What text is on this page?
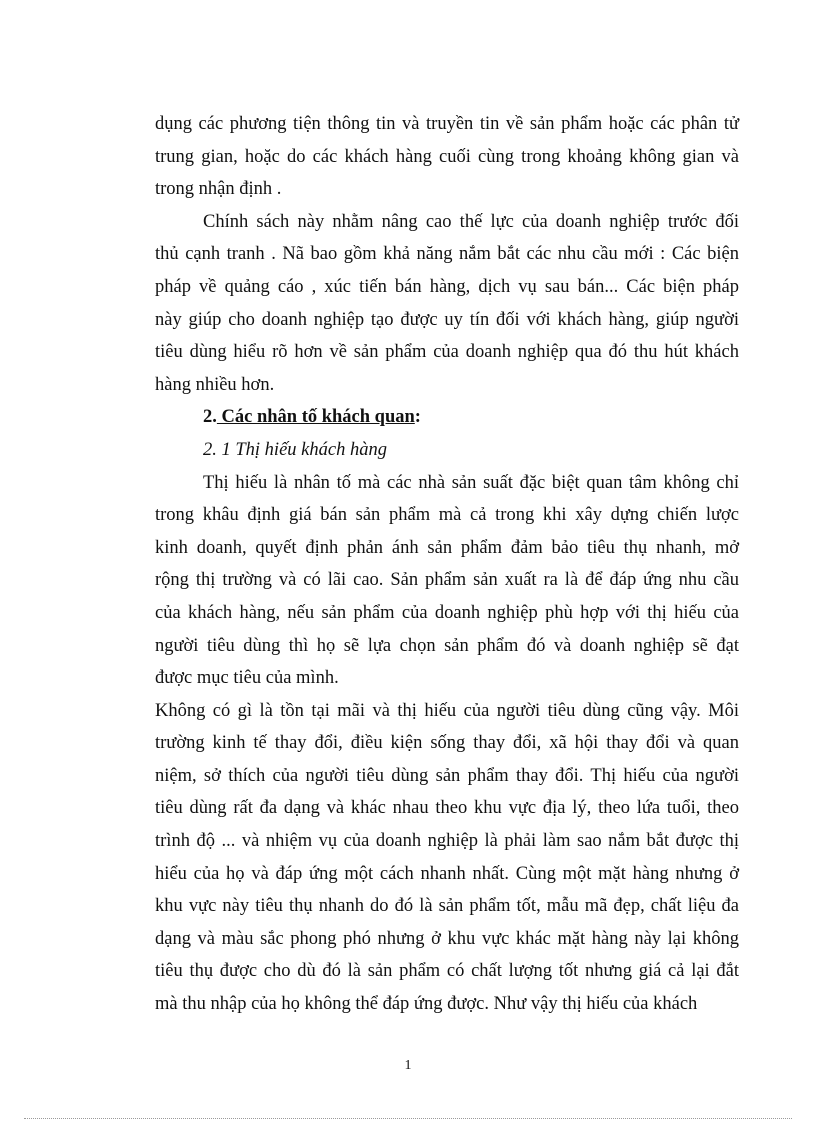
dụng các phương tiện thông tin và truyền tin về sản phẩm hoặc các phân tử
trung gian, hoặc do các khách hàng cuối cùng trong khoảng không gian và
trong nhận định .
Chính sách này nhằm nâng cao thế lực của doanh nghiệp trước đối
thủ cạnh tranh . Nã bao gồm khả năng nắm bắt các nhu cầu mới : Các biện
pháp về quảng cáo , xúc tiến bán hàng, dịch vụ sau bán... Các biện pháp
này giúp cho doanh nghiệp tạo được uy tín đối với khách hàng, giúp người
tiêu dùng hiểu rõ hơn về sản phẩm của doanh nghiệp qua đó thu hút khách
hàng nhiều hơn.
2. Các nhân tố khách quan:
2. 1 Thị hiếu khách hàng
Thị hiếu là nhân tố mà các nhà sản suất đặc biệt quan tâm không chỉ
trong khâu định giá bán sản phẩm mà cả trong khi xây dựng chiến lược
kinh doanh, quyết định phản ánh sản phẩm đảm bảo tiêu thụ nhanh, mở
rộng thị trường và có lãi cao. Sản phẩm sản xuất ra là để đáp ứng nhu cầu
của khách hàng, nếu sản phẩm của doanh nghiệp phù hợp với thị hiếu của
người tiêu dùng thì họ sẽ lựa chọn sản phẩm đó và doanh nghiệp sẽ đạt
được mục tiêu của mình.
Không có gì là tồn tại mãi và thị hiếu của người tiêu dùng cũng vậy. Môi
trường kinh tế thay đổi, điều kiện sống thay đổi, xã hội thay đổi và quan
niệm, sở thích của người tiêu dùng sản phẩm thay đổi. Thị hiếu của người
tiêu dùng rất đa dạng và khác nhau theo khu vực địa lý, theo lứa tuổi, theo
trình độ ... và nhiệm vụ của doanh nghiệp là phải làm sao nắm bắt được thị
hiểu của họ và đáp ứng một cách nhanh nhất. Cùng một mặt hàng nhưng ở
khu vực này tiêu thụ nhanh do đó là sản phẩm tốt, mẫu mã đẹp, chất liệu đa
dạng và màu sắc phong phó nhưng ở khu vực khác mặt hàng này lại không
tiêu thụ được cho dù đó là sản phẩm có chất lượng tốt nhưng giá cả lại đắt
mà thu nhập của họ không thể đáp ứng được. Như vậy thị hiếu của khách
1
